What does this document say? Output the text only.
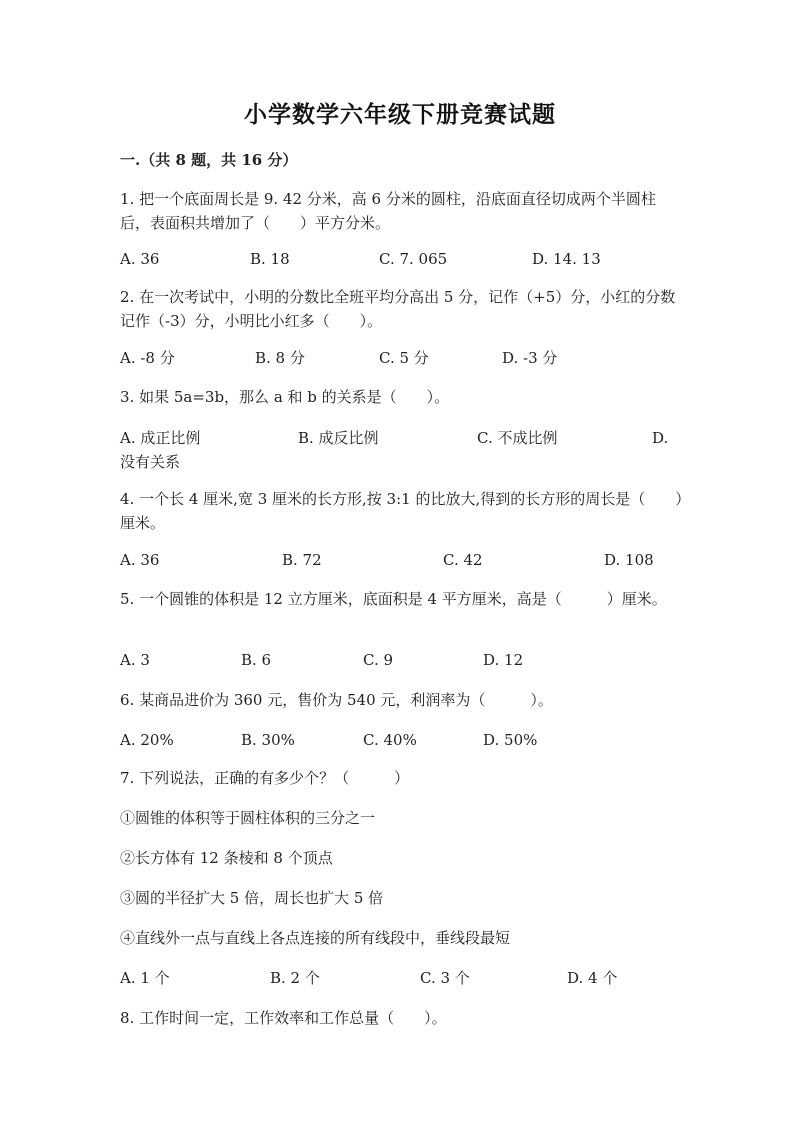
小学数学六年级下册竞赛试题
一.（共 8 题，共 16 分）
1. 把一个底面周长是 9. 42 分米，高 6 分米的圆柱，沿底面直径切成两个半圆柱后，表面积共增加了（　　）平方分米。
A. 36	B. 18	C. 7. 065	D. 14. 13
2. 在一次考试中，小明的分数比全班平均分高出 5 分，记作（+5）分，小红的分数记作（-3）分，小明比小红多（　　）。
A. -8 分	B. 8 分	C. 5 分	D. -3 分
3. 如果 5a=3b，那么 a 和 b 的关系是（　　）。
A. 成正比例	B. 成反比例	C. 不成比例	D.
没有关系
4. 一个长 4 厘米,宽 3 厘米的长方形,按 3:1 的比放大,得到的长方形的周长是（　　）厘米。
A. 36	B. 72	C. 42	D. 108
5. 一个圆锥的体积是 12 立方厘米，底面积是 4 平方厘米，高是（　　　）厘米。
A. 3	B. 6	C. 9	D. 12
6. 某商品进价为 360 元，售价为 540 元，利润率为（　　　）。
A. 20%	B. 30%	C. 40%	D. 50%
7. 下列说法，正确的有多少个？（　　　）
①圆锥的体积等于圆柱体积的三分之一
②长方体有 12 条棱和 8 个顶点
③圆的半径扩大 5 倍，周长也扩大 5 倍
④直线外一点与直线上各点连接的所有线段中，垂线段最短
A. 1 个	B. 2 个	C. 3 个	D. 4 个
8. 工作时间一定，工作效率和工作总量（　　）。
